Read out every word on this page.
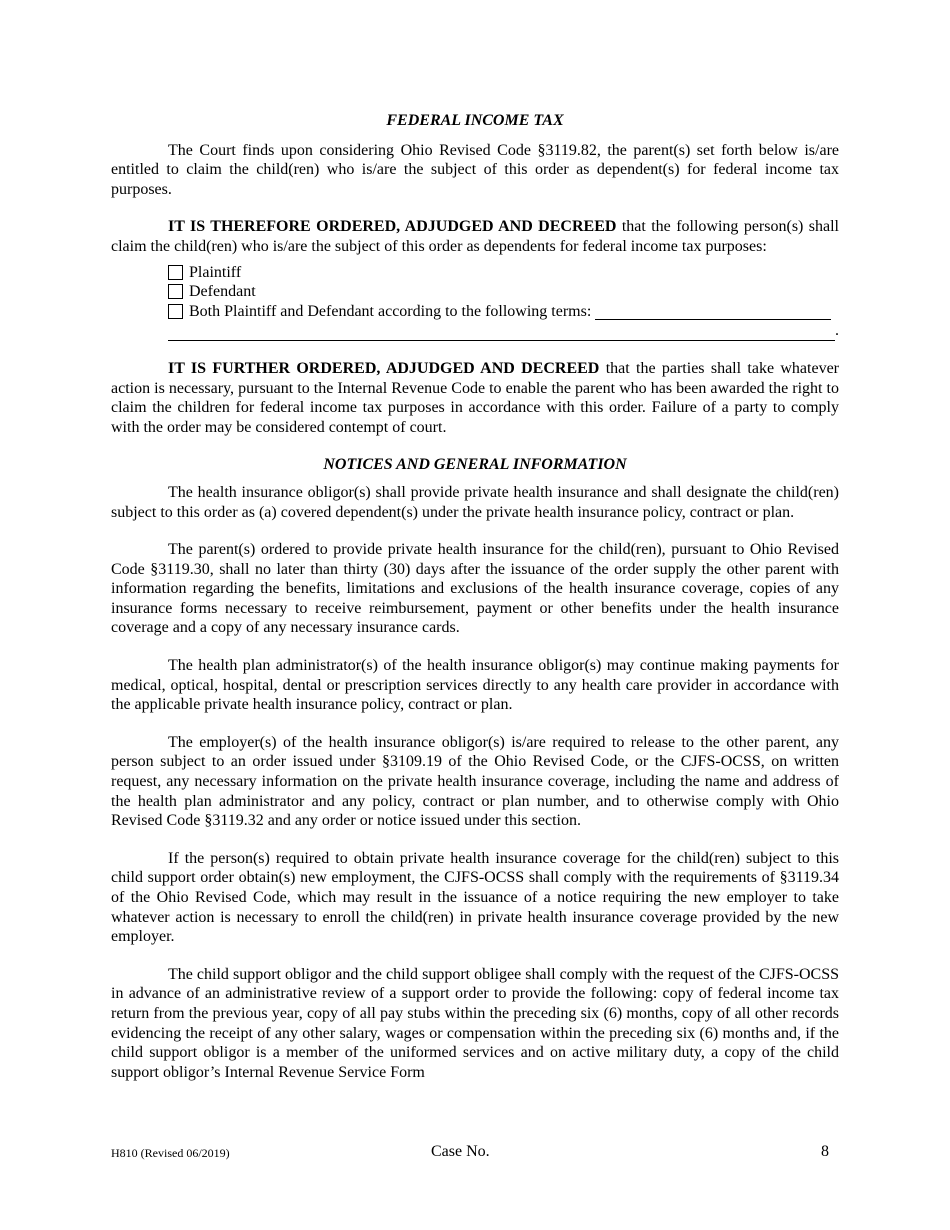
FEDERAL INCOME TAX

The Court finds upon considering Ohio Revised Code §3119.82, the parent(s) set forth below is/are entitled to claim the child(ren) who is/are the subject of this order as dependent(s) for federal income tax purposes.

IT IS THEREFORE ORDERED, ADJUDGED AND DECREED that the following person(s) shall claim the child(ren) who is/are the subject of this order as dependents for federal income tax purposes:

Plaintiff
Defendant
Both Plaintiff and Defendant according to the following terms:
.

IT IS FURTHER ORDERED, ADJUDGED AND DECREED that the parties shall take whatever action is necessary, pursuant to the Internal Revenue Code to enable the parent who has been awarded the right to claim the children for federal income tax purposes in accordance with this order. Failure of a party to comply with the order may be considered contempt of court.

NOTICES AND GENERAL INFORMATION

The health insurance obligor(s) shall provide private health insurance and shall designate the child(ren) subject to this order as (a) covered dependent(s) under the private health insurance policy, contract or plan.

The parent(s) ordered to provide private health insurance for the child(ren), pursuant to Ohio Revised Code §3119.30, shall no later than thirty (30) days after the issuance of the order supply the other parent with information regarding the benefits, limitations and exclusions of the health insurance coverage, copies of any insurance forms necessary to receive reimbursement, payment or other benefits under the health insurance coverage and a copy of any necessary insurance cards.

The health plan administrator(s) of the health insurance obligor(s) may continue making payments for medical, optical, hospital, dental or prescription services directly to any health care provider in accordance with the applicable private health insurance policy, contract or plan.

The employer(s) of the health insurance obligor(s) is/are required to release to the other parent, any person subject to an order issued under §3109.19 of the Ohio Revised Code, or the CJFS-OCSS, on written request, any necessary information on the private health insurance coverage, including the name and address of the health plan administrator and any policy, contract or plan number, and to otherwise comply with Ohio Revised Code §3119.32 and any order or notice issued under this section.

If the person(s) required to obtain private health insurance coverage for the child(ren) subject to this child support order obtain(s) new employment, the CJFS-OCSS shall comply with the requirements of §3119.34 of the Ohio Revised Code, which may result in the issuance of a notice requiring the new employer to take whatever action is necessary to enroll the child(ren) in private health insurance coverage provided by the new employer.

The child support obligor and the child support obligee shall comply with the request of the CJFS-OCSS in advance of an administrative review of a support order to provide the following: copy of federal income tax return from the previous year, copy of all pay stubs within the preceding six (6) months, copy of all other records evidencing the receipt of any other salary, wages or compensation within the preceding six (6) months and, if the child support obligor is a member of the uniformed services and on active military duty, a copy of the child support obligor’s Internal Revenue Service Form

H810 (Revised 06/2019)	Case No.	8
